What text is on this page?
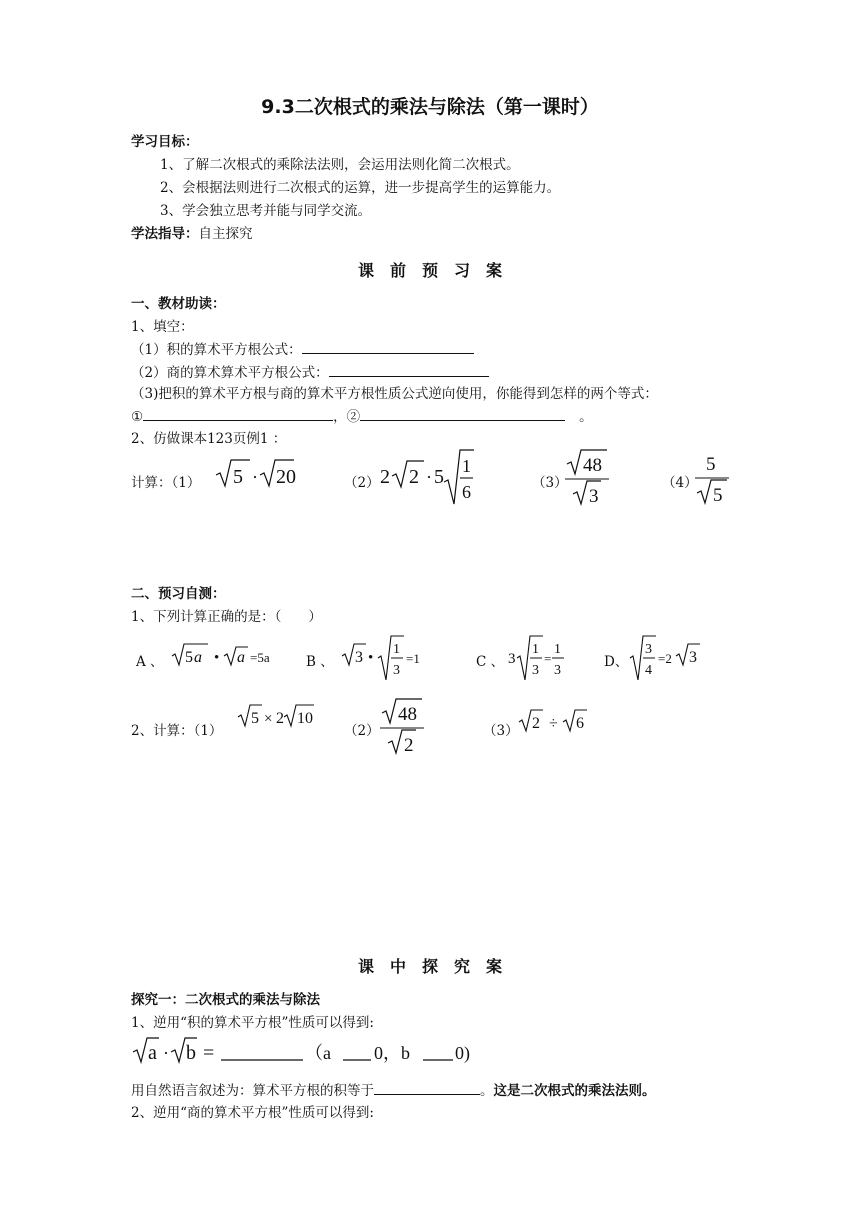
9.3二次根式的乘法与除法（第一课时）
学习目标：
1、了解二次根式的乘除法法则，会运用法则化简二次根式。
2、会根据法则进行二次根式的运算，进一步提高学生的运算能力。
3、学会独立思考并能与同学交流。
学法指导：自主探究
课　前　预　习　案
一、教材助读：
1、填空：
（1）积的算术平方根公式：
（2）商的算术算术平方根公式：
（3)把积的算术平方根与商的算术平方根性质公式逆向使用，你能得到怎样的两个等式：
①	，②	。
2、仿做课本123页例1 ：
计算：（1） 5 · 20	（2） 2 2 · 5 1
6	（3）
48
3
（4）
5
5
二、预习自测：
1、下列计算正确的是：（　　）
A 、 5 a • a =5a	B 、 3 •
1
3
=1	C 、 3
1
3
=
1
3
D、
3
4
=2 3
2、计算：（1）
5 × 2 10
（2）
48
2
（3） 2 ÷ 6
课　中　探　究　案
探究一：二次根式的乘法与除法
1、逆用“积的算术平方根”性质可以得到:
a · b =	（a 0，b	0)
用自然语言叙述为：算术平方根的积等于	。这是二次根式的乘法法则。
2、逆用“商的算术平方根”性质可以得到:
